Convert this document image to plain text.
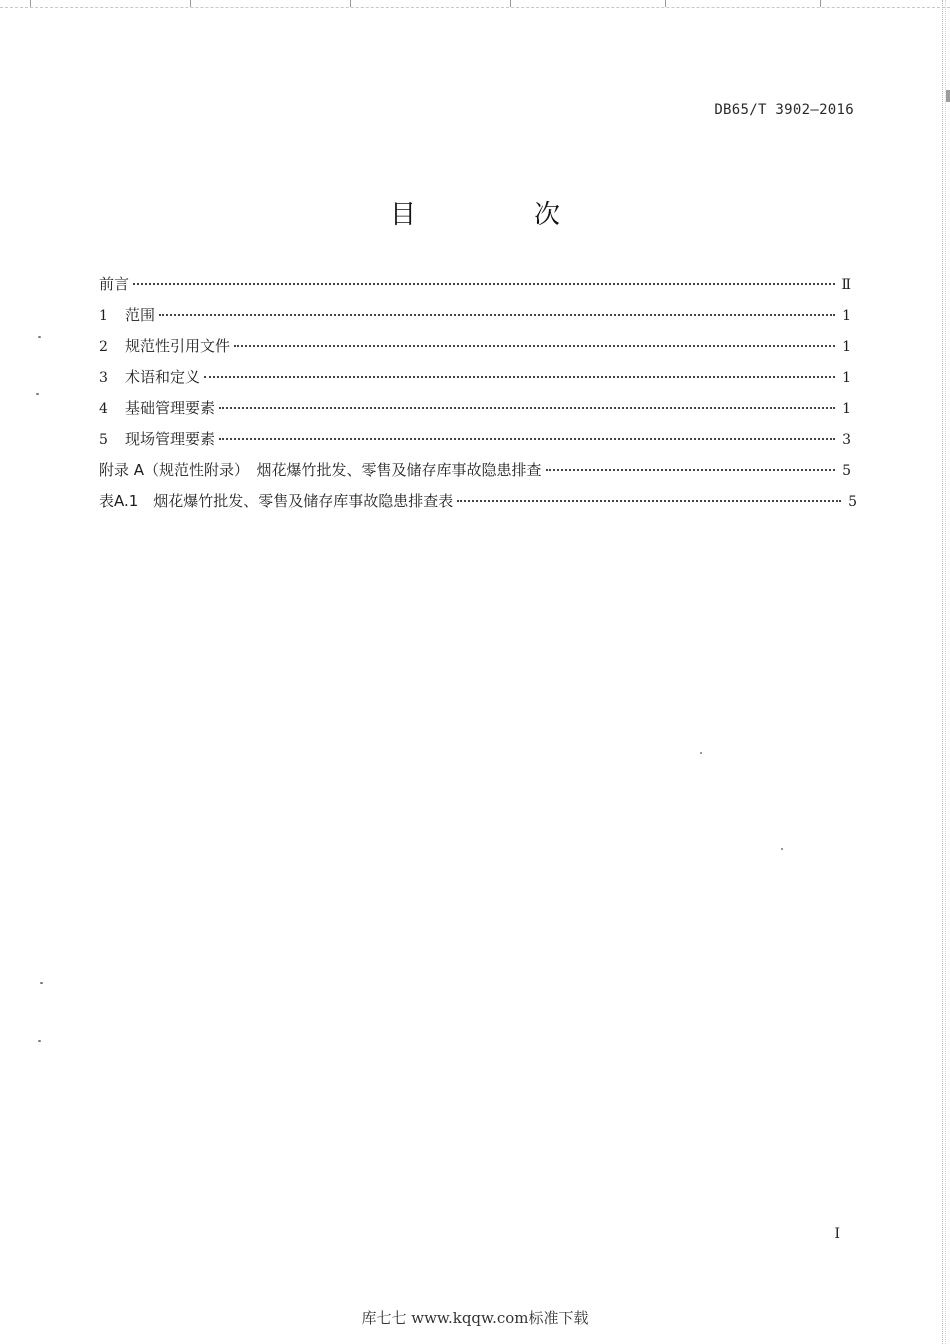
DB65/T 3902—2016
目　次
前言	Ⅱ
1	范围	1
2	规范性引用文件	1
3	术语和定义	1
4	基础管理要素	1
5	现场管理要素	3
附录 A（规范性附录）　烟花爆竹批发、零售及储存库事故隐患排查	5
表A.1　烟花爆竹批发、零售及储存库事故隐患排查表	5
I
库七七 www.kqqw.com标准下载
